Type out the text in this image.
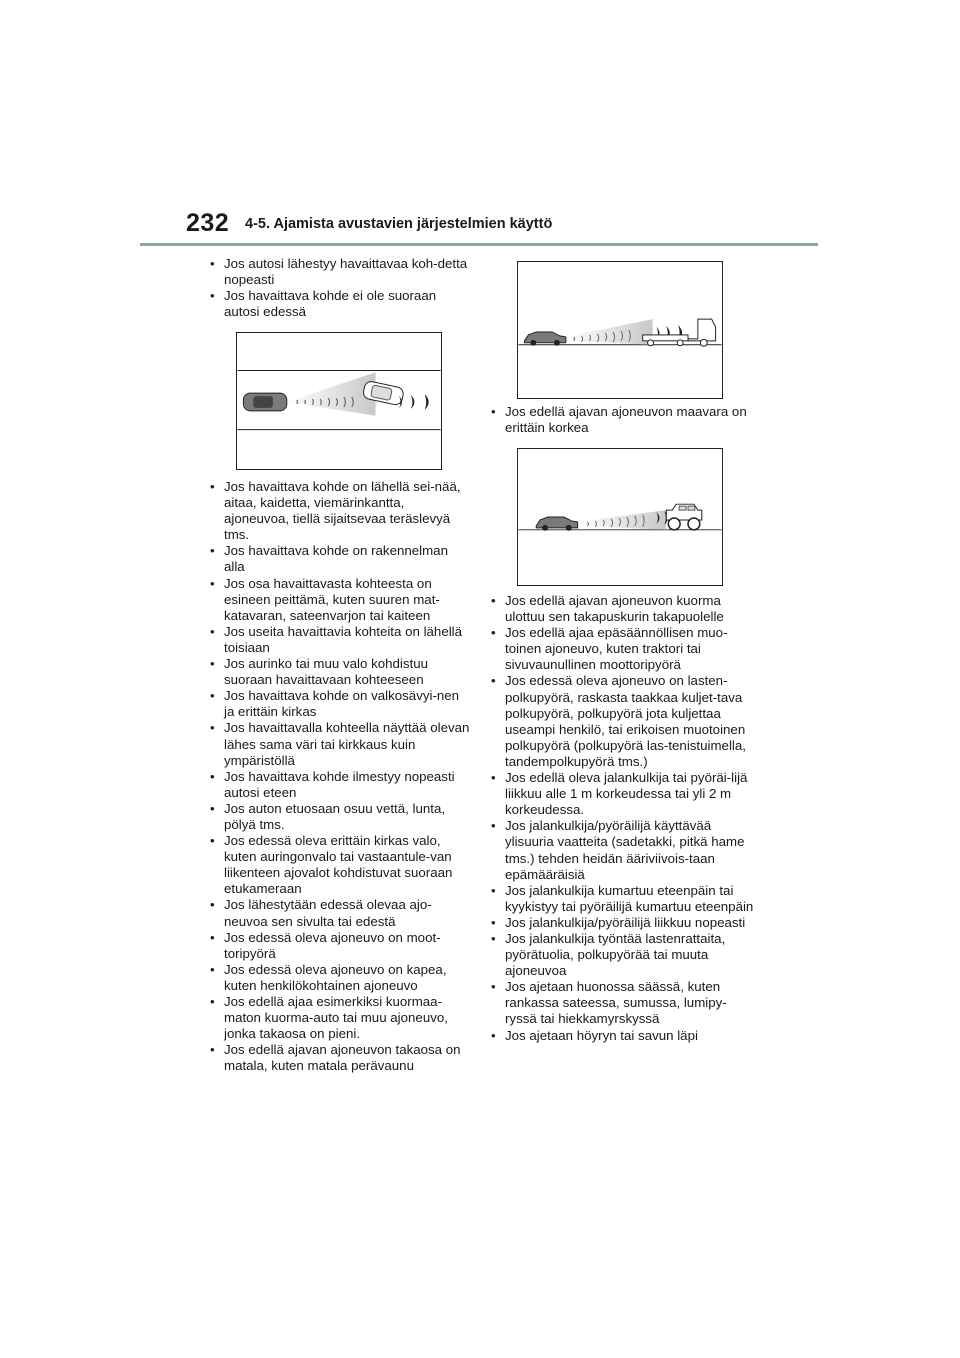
232 4-5. Ajamista avustavien järjestelmien käyttö
• Jos autosi lähestyy havaittavaa koh-detta nopeasti
• Jos havaittava kohde ei ole suoraan autosi edessä
• Jos havaittava kohde on lähellä sei-nää, aitaa, kaidetta, viemärinkantta, ajoneuvoa, tiellä sijaitsevaa teräslevyä tms.
• Jos havaittava kohde on rakennelman alla
• Jos osa havaittavasta kohteesta on esineen peittämä, kuten suuren mat-katavaran, sateenvarjon tai kaiteen
• Jos useita havaittavia kohteita on lähellä toisiaan
• Jos aurinko tai muu valo kohdistuu suoraan havaittavaan kohteeseen
• Jos havaittava kohde on valkosävyi-nen ja erittäin kirkas
• Jos havaittavalla kohteella näyttää olevan lähes sama väri tai kirkkaus kuin ympäristöllä
• Jos havaittava kohde ilmestyy nopeasti autosi eteen
• Jos auton etuosaan osuu vettä, lunta, pölyä tms.
• Jos edessä oleva erittäin kirkas valo, kuten auringonvalo tai vastaantule-van liikenteen ajovalot kohdistuvat suoraan etukameraan
• Jos lähestytään edessä olevaa ajo-neuvoa sen sivulta tai edestä
• Jos edessä oleva ajoneuvo on moot-toripyörä
• Jos edessä oleva ajoneuvo on kapea, kuten henkilökohtainen ajoneuvo
• Jos edellä ajaa esimerkiksi kuormaa-maton kuorma-auto tai muu ajoneuvo, jonka takaosa on pieni.
• Jos edellä ajavan ajoneuvon takaosa on matala, kuten matala perävaunu
• Jos edellä ajavan ajoneuvon maavara on erittäin korkea
• Jos edellä ajavan ajoneuvon kuorma ulottuu sen takapuskurin takapuolelle
• Jos edellä ajaa epäsäännöllisen muo-toinen ajoneuvo, kuten traktori tai sivuvaunullinen moottoripyörä
• Jos edessä oleva ajoneuvo on lasten-polkupyörä, raskasta taakkaa kuljet-tava polkupyörä, polkupyörä jota kuljettaa useampi henkilö, tai erikoisen muotoinen polkupyörä (polkupyörä las-tenistuimella, tandempolkupyörä tms.)
• Jos edellä oleva jalankulkija tai pyöräi-lijä liikkuu alle 1 m korkeudessa tai yli 2 m korkeudessa.
• Jos jalankulkija/pyöräilijä käyttävää ylisuuria vaatteita (sadetakki, pitkä hame tms.) tehden heidän ääriviivois-taan epämääräisiä
• Jos jalankulkija kumartuu eteenpäin tai kyykistyy tai pyöräilijä kumartuu eteenpäin
• Jos jalankulkija/pyöräilijä liikkuu nopeasti
• Jos jalankulkija työntää lastenrattaita, pyörätuolia, polkupyörää tai muuta ajoneuvoa
• Jos ajetaan huonossa säässä, kuten rankassa sateessa, sumussa, lumipy-ryssä tai hiekkamyrskyssä
• Jos ajetaan höyryn tai savun läpi
